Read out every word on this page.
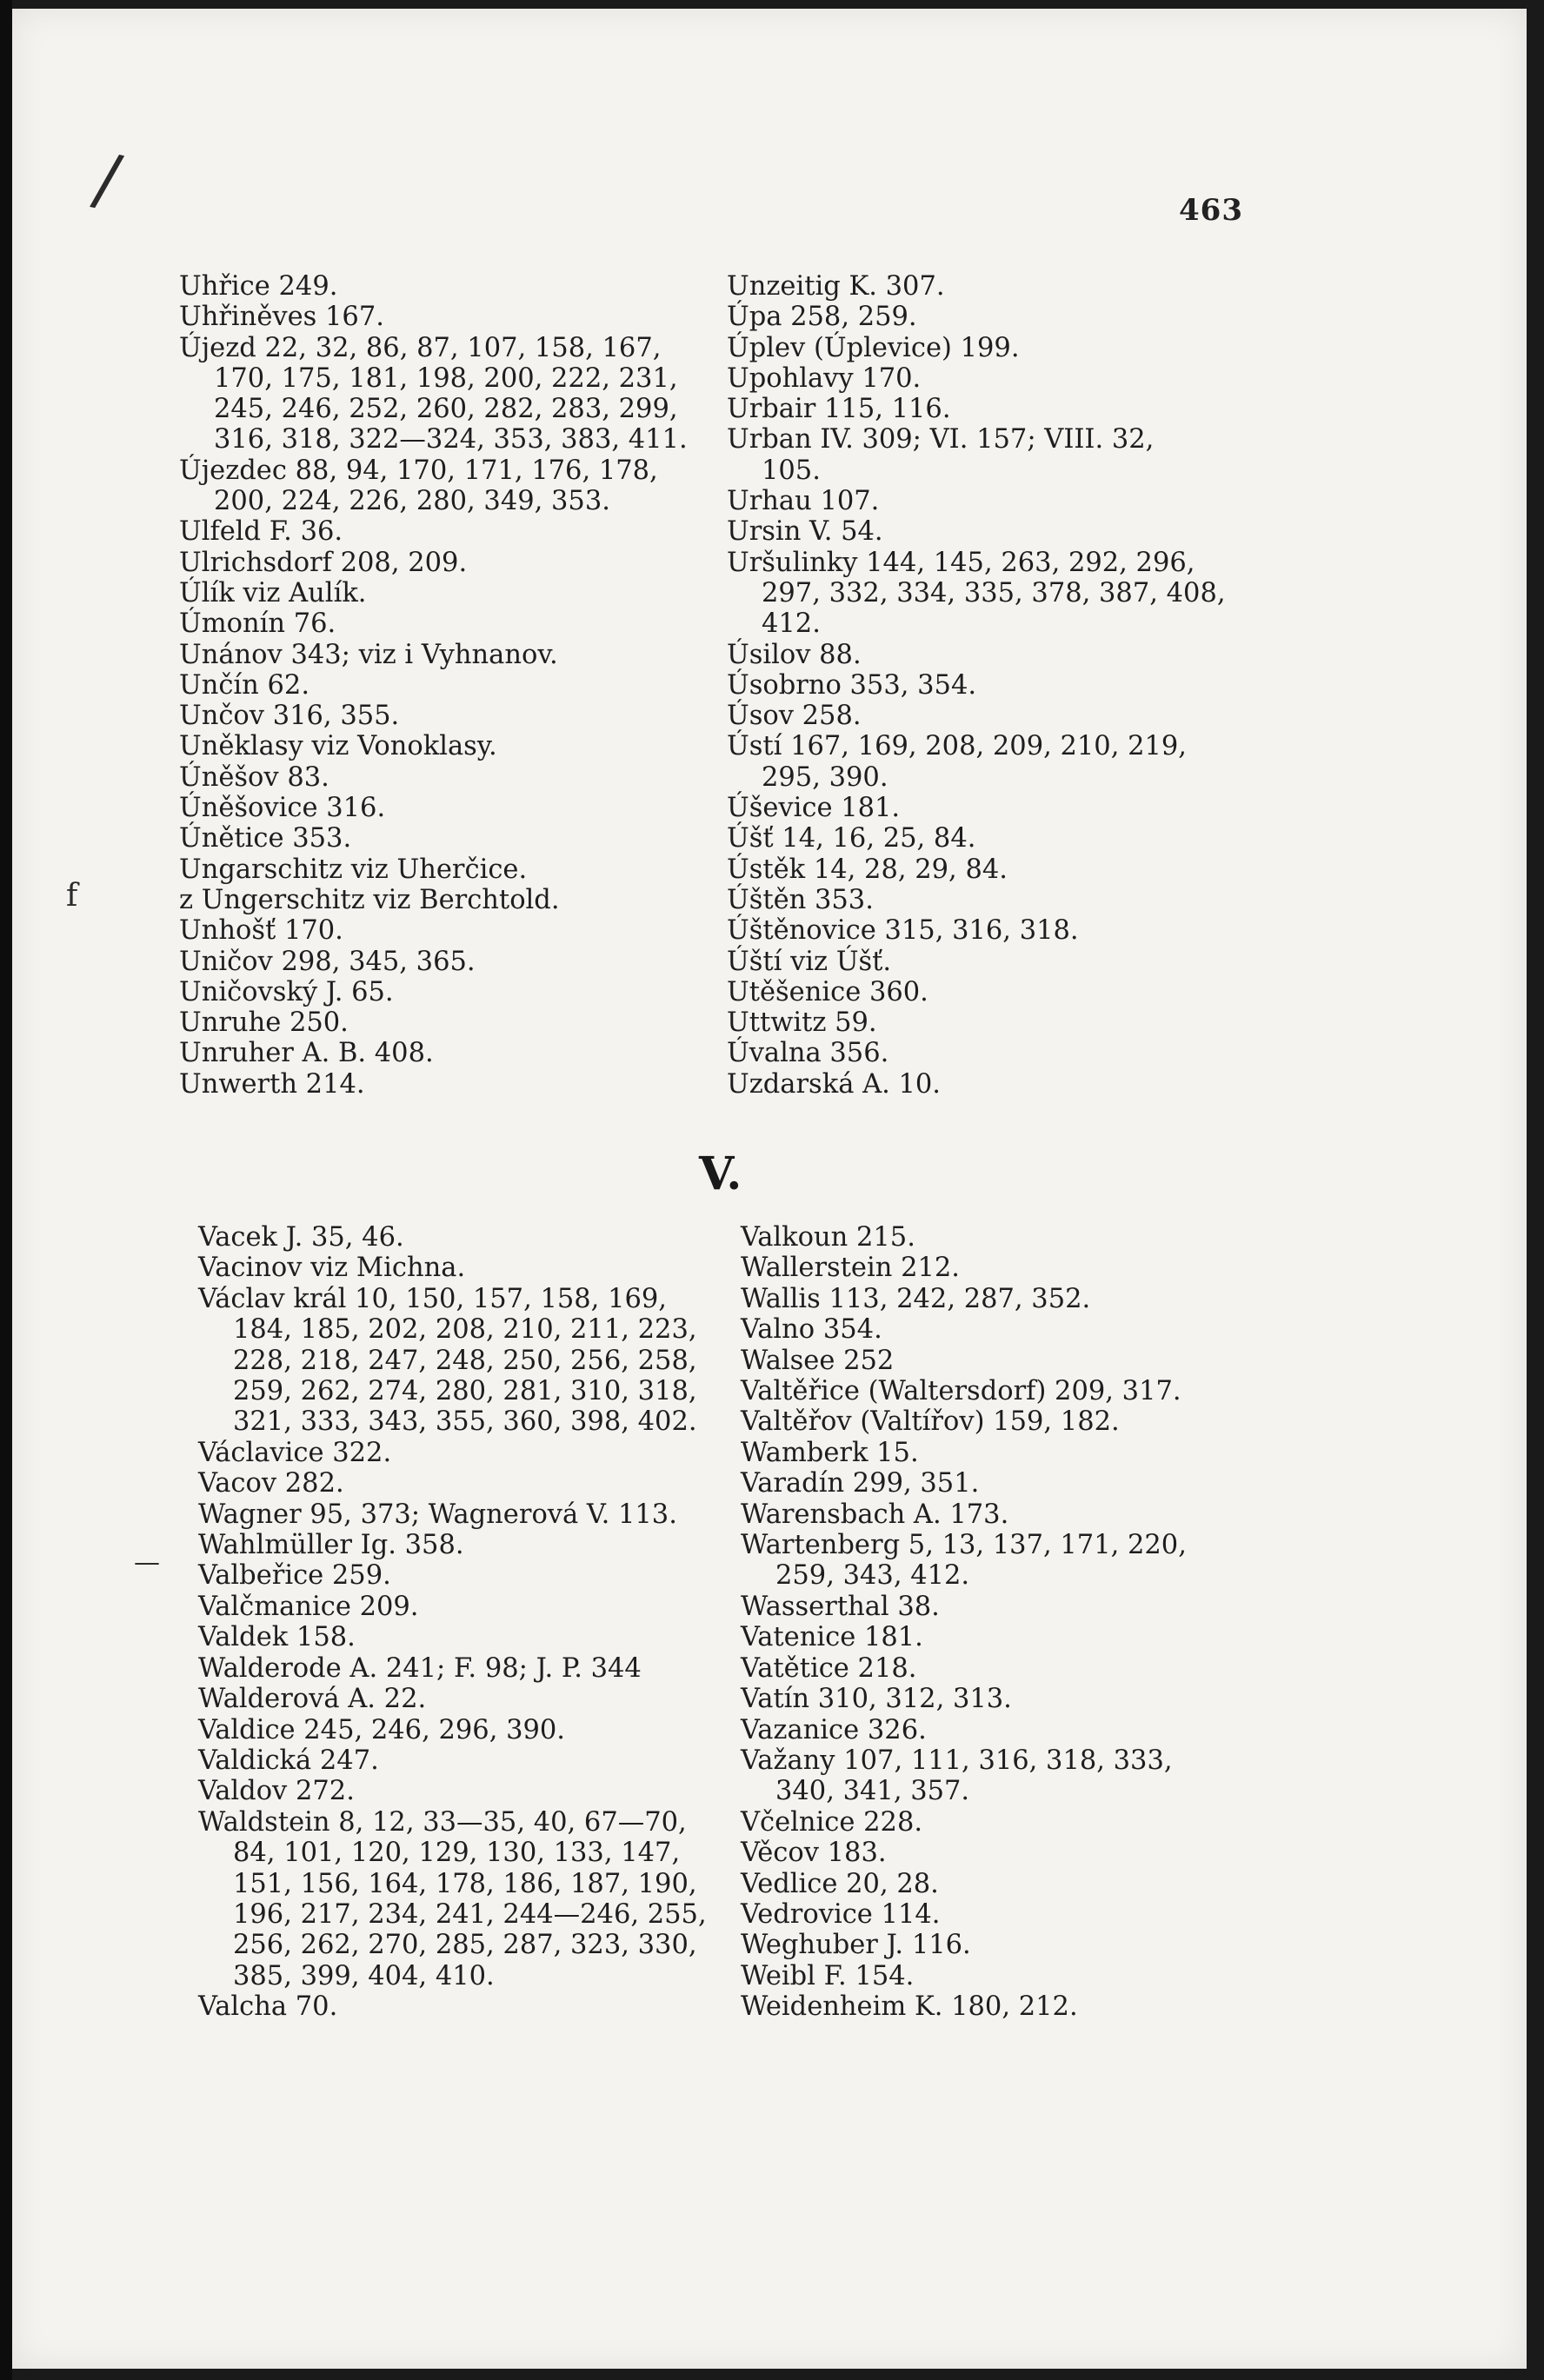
463
Uhřice 249.
Uhřiněves 167.
Újezd 22, 32, 86, 87, 107, 158, 167,
170, 175, 181, 198, 200, 222, 231,
245, 246, 252, 260, 282, 283, 299,
316, 318, 322—324, 353, 383, 411.
Újezdec 88, 94, 170, 171, 176, 178,
200, 224, 226, 280, 349, 353.
Ulfeld F. 36.
Ulrichsdorf 208, 209.
Úlík viz Aulík.
Úmonín 76.
Unánov 343; viz i Vyhnanov.
Unčín 62.
Unčov 316, 355.
Uněklasy viz Vonoklasy.
Úněšov 83.
Úněšovice 316.
Únětice 353.
Ungarschitz viz Uherčice.
z Ungerschitz viz Berchtold.
Unhošť 170.
Uničov 298, 345, 365.
Uničovský J. 65.
Unruhe 250.
Unruher A. B. 408.
Unwerth 214.
Unzeitig K. 307.
Úpa 258, 259.
Úplev (Úplevice) 199.
Upohlavy 170.
Urbair 115, 116.
Urban IV. 309; VI. 157; VIII. 32,
105.
Urhau 107.
Ursin V. 54.
Uršulinky 144, 145, 263, 292, 296,
297, 332, 334, 335, 378, 387, 408,
412.
Úsilov 88.
Úsobrno 353, 354.
Úsov 258.
Ústí 167, 169, 208, 209, 210, 219,
295, 390.
Úševice 181.
Úšť 14, 16, 25, 84.
Ústěk 14, 28, 29, 84.
Úštěn 353.
Úštěnovice 315, 316, 318.
Úští viz Úšť.
Utěšenice 360.
Uttwitz 59.
Úvalna 356.
Uzdarská A. 10.
V.
Vacek J. 35, 46.
Vacinov viz Michna.
Václav král 10, 150, 157, 158, 169,
184, 185, 202, 208, 210, 211, 223,
228, 218, 247, 248, 250, 256, 258,
259, 262, 274, 280, 281, 310, 318,
321, 333, 343, 355, 360, 398, 402.
Václavice 322.
Vacov 282.
Wagner 95, 373; Wagnerová V. 113.
Wahlmüller Ig. 358.
Valbeřice 259.
Valčmanice 209.
Valdek 158.
Walderode A. 241; F. 98; J. P. 344
Walderová A. 22.
Valdice 245, 246, 296, 390.
Valdická 247.
Valdov 272.
Waldstein 8, 12, 33—35, 40, 67—70,
84, 101, 120, 129, 130, 133, 147,
151, 156, 164, 178, 186, 187, 190,
196, 217, 234, 241, 244—246, 255,
256, 262, 270, 285, 287, 323, 330,
385, 399, 404, 410.
Valcha 70.
Valkoun 215.
Wallerstein 212.
Wallis 113, 242, 287, 352.
Valno 354.
Walsee 252
Valtěřice (Waltersdorf) 209, 317.
Valtěřov (Valtířov) 159, 182.
Wamberk 15.
Varadín 299, 351.
Warensbach A. 173.
Wartenberg 5, 13, 137, 171, 220,
259, 343, 412.
Wasserthal 38.
Vatenice 181.
Vatětice 218.
Vatín 310, 312, 313.
Vazanice 326.
Važany 107, 111, 316, 318, 333,
340, 341, 357.
Včelnice 228.
Věcov 183.
Vedlice 20, 28.
Vedrovice 114.
Weghuber J. 116.
Weibl F. 154.
Weidenheim K. 180, 212.
/
f
—
